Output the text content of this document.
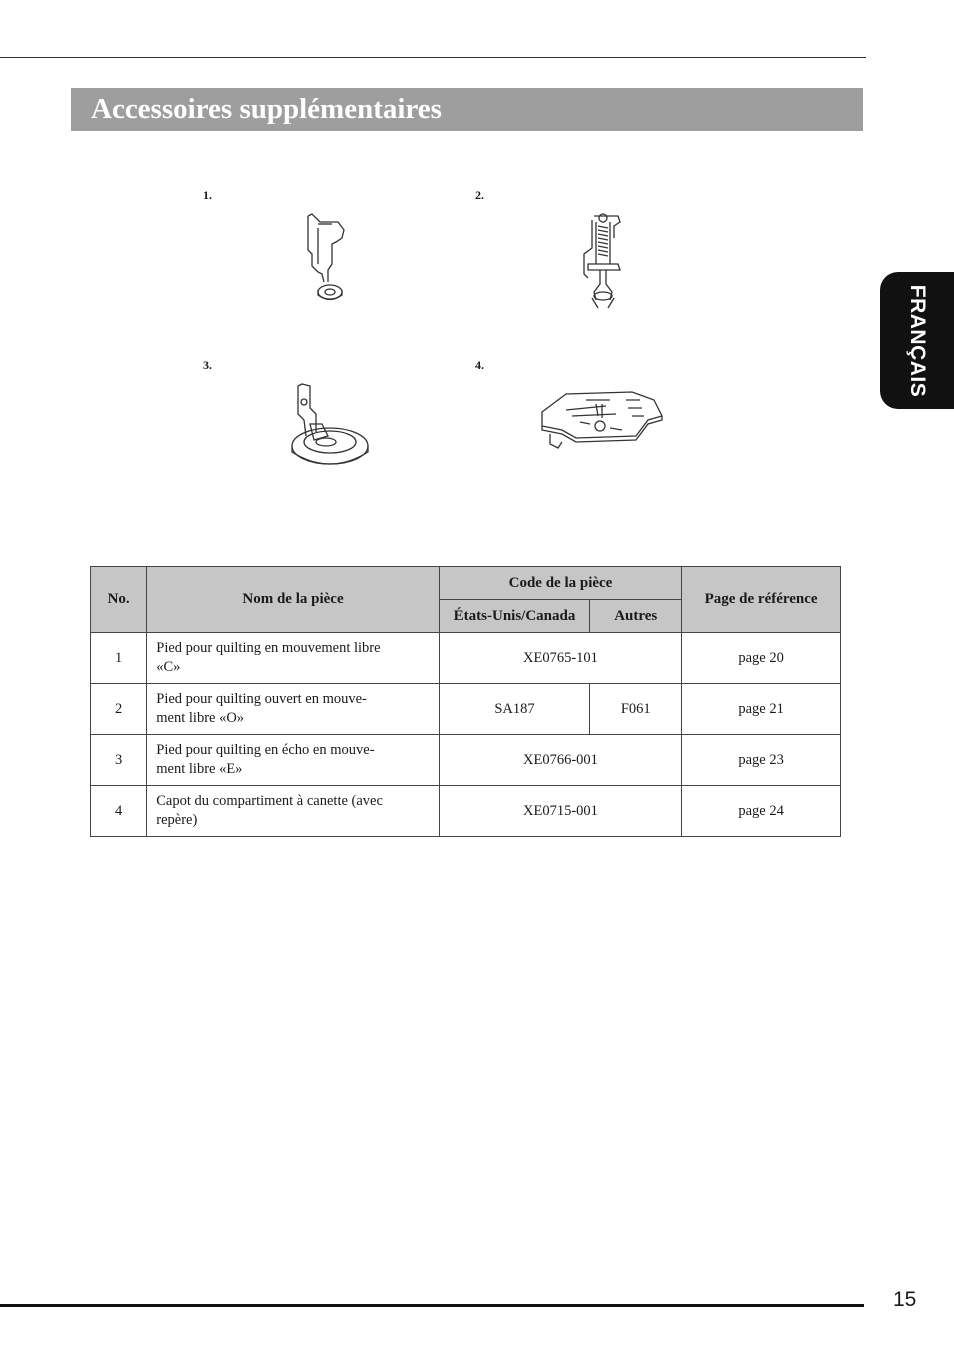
Accessoires supplémentaires
FRANÇAIS
1.	2.
3.	4.
No.	Nom de la pièce	Code de la pièce		Page de référence
		États-Unis/Canada	Autres	
1	Pied pour quilting en mouvement libre
«C»	XE0765-101		page 20
2	Pied pour quilting ouvert en mouve-
ment libre «O»	SA187	F061	page 21
3	Pied pour quilting en écho en mouve-
ment libre «E»	XE0766-001		page 23
4	Capot du compartiment à canette (avec
repère)	XE0715-001		page 24
15
